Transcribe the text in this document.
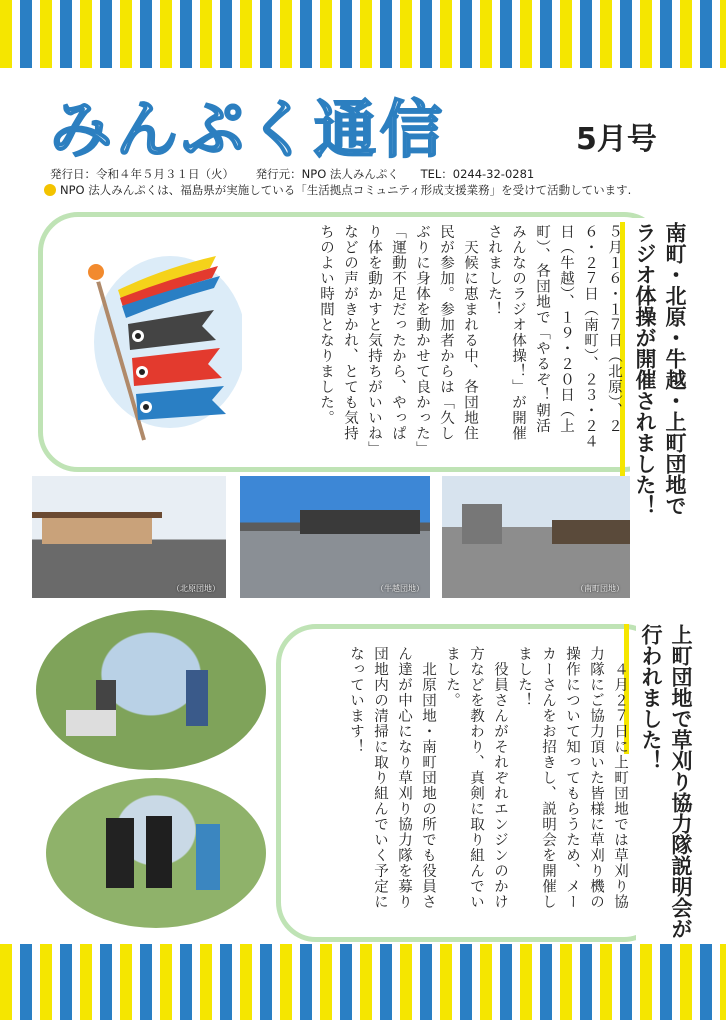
みんぷく通信	5月号
発行日：令和４年５月３１日（火） 発行元：NPO 法人みんぷく TEL：0244-32-0281
NPO 法人みんぷくは、福島県が実施している「生活拠点コミュニティ形成支援業務」を受けて活動しています.
南町・北原・牛越・上町団地でラジオ体操が開催されました！
５月１６・１７日（北原）、２６・２７日（南町）、２３・２４日（牛越）、１９・２０日（上町）、各団地で「やるぞ！朝活　みんなのラジオ体操！」が開催されました！
　天候に恵まれる中、各団地住民が参加。参加者からは「久しぶりに身体を動かせて良かった」「運動不足だったから、やっぱり体を動かすと気持ちがいいね」などの声がきかれ、とても気持ちのよい時間となりました。
（北原団地）	（牛越団地）	（南町団地）
上町団地で草刈り協力隊説明会が行われました！
　４月２７日に上町団地では草刈り協力隊にご協力頂いた皆様に草刈り機の操作について知ってもらうため、メーカーさんをお招きし、説明会を開催しました！
　役員さんがそれぞれエンジンのかけ方などを教わり、真剣に取り組んでいました。
　北原団地・南町団地の所でも役員さん達が中心になり草刈り協力隊を募り団地内の清掃に取り組んでいく予定になっています！
